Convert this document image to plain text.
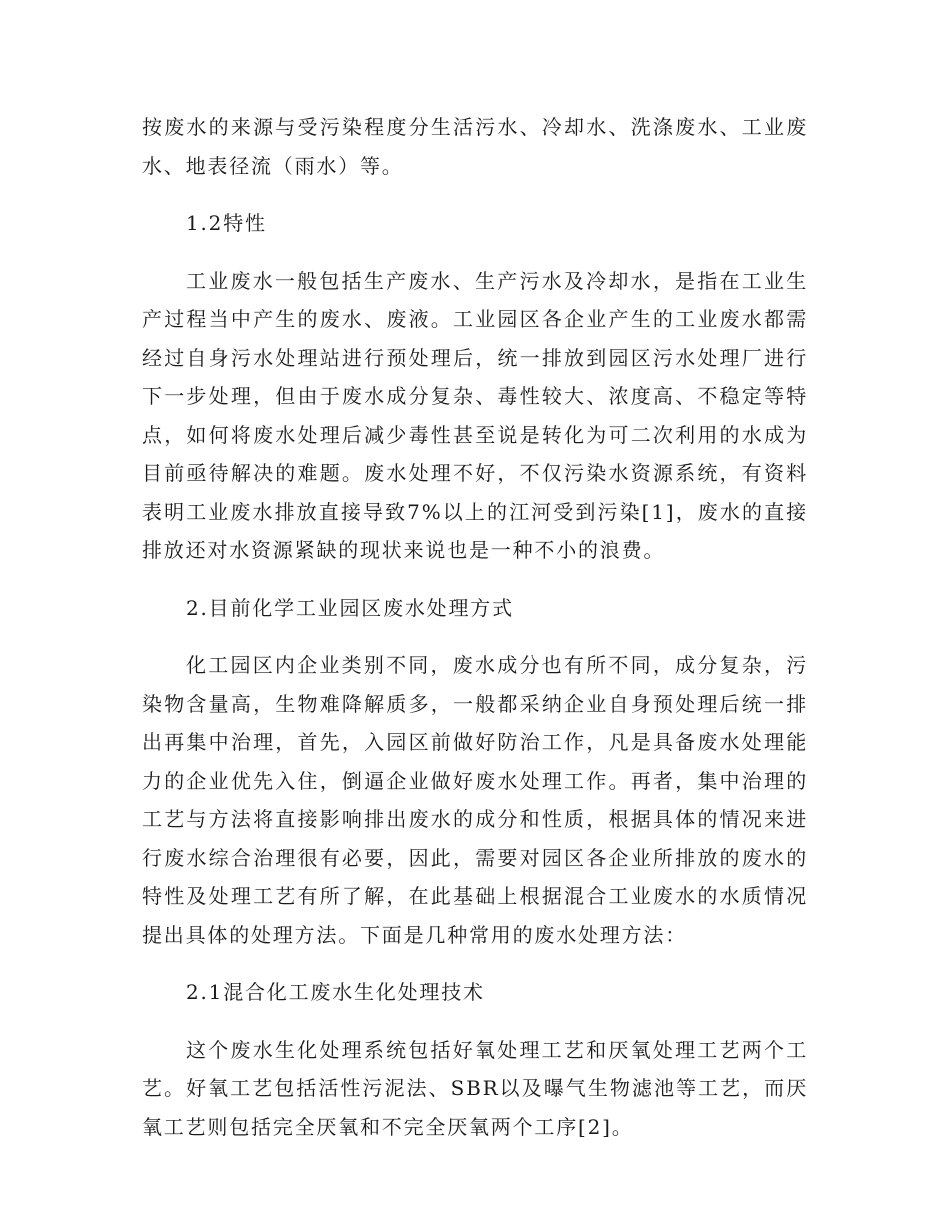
按废水的来源与受污染程度分生活污水、冷却水、洗涤废水、工业废水、地表径流（雨水）等。

1.2特性

工业废水一般包括生产废水、生产污水及冷却水，是指在工业生产过程当中产生的废水、废液。工业园区各企业产生的工业废水都需经过自身污水处理站进行预处理后，统一排放到园区污水处理厂进行下一步处理，但由于废水成分复杂、毒性较大、浓度高、不稳定等特点，如何将废水处理后减少毒性甚至说是转化为可二次利用的水成为目前亟待解决的难题。废水处理不好，不仅污染水资源系统，有资料表明工业废水排放直接导致7%以上的江河受到污染[1]，废水的直接排放还对水资源紧缺的现状来说也是一种不小的浪费。

2.目前化学工业园区废水处理方式

化工园区内企业类别不同，废水成分也有所不同，成分复杂，污染物含量高，生物难降解质多，一般都采纳企业自身预处理后统一排出再集中治理，首先，入园区前做好防治工作，凡是具备废水处理能力的企业优先入住，倒逼企业做好废水处理工作。再者，集中治理的工艺与方法将直接影响排出废水的成分和性质，根据具体的情况来进行废水综合治理很有必要，因此，需要对园区各企业所排放的废水的特性及处理工艺有所了解，在此基础上根据混合工业废水的水质情况提出具体的处理方法。下面是几种常用的废水处理方法：

2.1混合化工废水生化处理技术

这个废水生化处理系统包括好氧处理工艺和厌氧处理工艺两个工艺。好氧工艺包括活性污泥法、SBR以及曝气生物滤池等工艺，而厌氧工艺则包括完全厌氧和不完全厌氧两个工序[2]。
